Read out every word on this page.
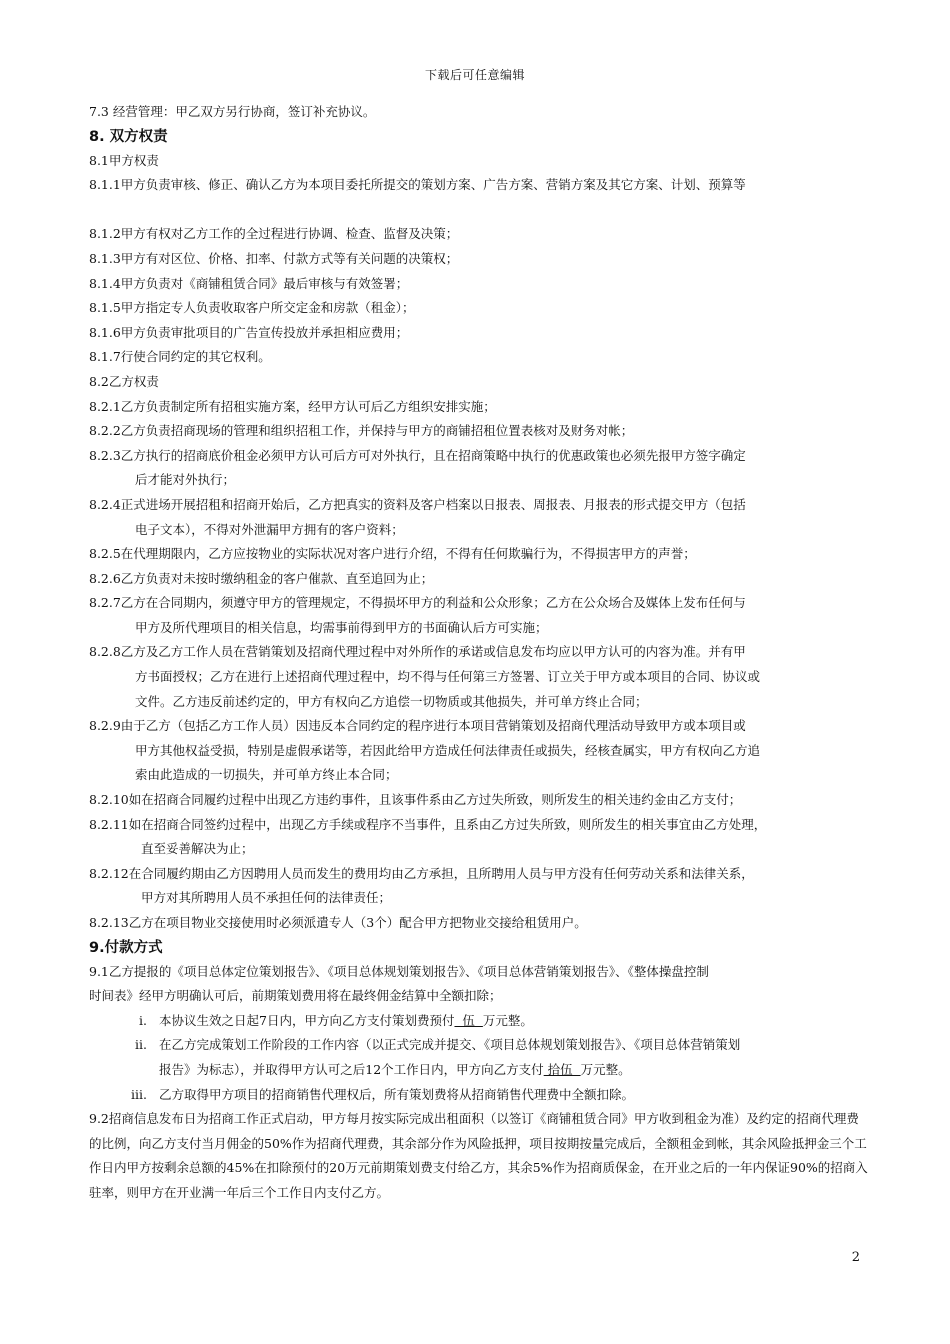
下载后可任意编辑
7.3 经营管理：甲乙双方另行协商，签订补充协议。
8. 双方权责
8.1甲方权责
8.1.1甲方负责审核、修正、确认乙方为本项目委托所提交的策划方案、广告方案、营销方案及其它方案、计划、预算等
8.1.2甲方有权对乙方工作的全过程进行协调、检查、监督及决策；
8.1.3甲方有对区位、价格、扣率、付款方式等有关问题的决策权；
8.1.4甲方负责对《商铺租赁合同》最后审核与有效签署；
8.1.5甲方指定专人负责收取客户所交定金和房款（租金）；
8.1.6甲方负责审批项目的广告宣传投放并承担相应费用；
8.1.7行使合同约定的其它权利。
8.2乙方权责
8.2.1乙方负责制定所有招租实施方案，经甲方认可后乙方组织安排实施；
8.2.2乙方负责招商现场的管理和组织招租工作，并保持与甲方的商铺招租位置表核对及财务对帐；
8.2.3乙方执行的招商底价租金必须甲方认可后方可对外执行，且在招商策略中执行的优惠政策也必须先报甲方签字确定
后才能对外执行；
8.2.4正式进场开展招租和招商开始后，乙方把真实的资料及客户档案以日报表、周报表、月报表的形式提交甲方（包括
电子文本），不得对外泄漏甲方拥有的客户资料；
8.2.5在代理期限内，乙方应按物业的实际状况对客户进行介绍，不得有任何欺骗行为，不得损害甲方的声誉；
8.2.6乙方负责对未按时缴纳租金的客户催款、直至追回为止；
8.2.7乙方在合同期内，须遵守甲方的管理规定，不得损坏甲方的利益和公众形象；乙方在公众场合及媒体上发布任何与
甲方及所代理项目的相关信息，均需事前得到甲方的书面确认后方可实施；
8.2.8乙方及乙方工作人员在营销策划及招商代理过程中对外所作的承诺或信息发布均应以甲方认可的内容为准。并有甲
方书面授权；乙方在进行上述招商代理过程中，均不得与任何第三方签署、订立关于甲方或本项目的合同、协议或
文件。乙方违反前述约定的，甲方有权向乙方追偿一切物质或其他损失，并可单方终止合同；
8.2.9由于乙方（包括乙方工作人员）因违反本合同约定的程序进行本项目营销策划及招商代理活动导致甲方或本项目或
甲方其他权益受损，特别是虚假承诺等，若因此给甲方造成任何法律责任或损失，经核查属实，甲方有权向乙方追
索由此造成的一切损失，并可单方终止本合同；
8.2.10如在招商合同履约过程中出现乙方违约事件，且该事件系由乙方过失所致，则所发生的相关违约金由乙方支付；
8.2.11如在招商合同签约过程中，出现乙方手续或程序不当事件，且系由乙方过失所致，则所发生的相关事宜由乙方处理，
直至妥善解决为止；
8.2.12在合同履约期由乙方因聘用人员而发生的费用均由乙方承担，且所聘用人员与甲方没有任何劳动关系和法律关系，
甲方对其所聘用人员不承担任何的法律责任；
8.2.13乙方在项目物业交接使用时必须派遣专人（3个）配合甲方把物业交接给租赁用户。
9.付款方式
9.1乙方提报的《项目总体定位策划报告》、《项目总体规划策划报告》、《项目总体营销策划报告》、《整体操盘控制
时间表》经甲方明确认可后，前期策划费用将在最终佣金结算中全额扣除；
i. 本协议生效之日起7日内，甲方向乙方支付策划费预付  伍  万元整。
ii. 在乙方完成策划工作阶段的工作内容（以正式完成并提交、《项目总体规划策划报告》、《项目总体营销策划
报告》为标志），并取得甲方认可之后12个工作日内，甲方向乙方支付 拾伍  万元整。
iii. 乙方取得甲方项目的招商销售代理权后，所有策划费将从招商销售代理费中全额扣除。
9.2招商信息发布日为招商工作正式启动，甲方每月按实际完成出租面积（以签订《商铺租赁合同》甲方收到租金为准）及约定的招商代理费的比例，向乙方支付当月佣金的50%作为招商代理费，其余部分作为风险抵押，项目按期按量完成后，全额租金到帐，其余风险抵押金三个工作日内甲方按剩余总额的45%在扣除预付的20万元前期策划费支付给乙方，其余5%作为招商质保金，在开业之后的一年内保证90%的招商入驻率，则甲方在开业满一年后三个工作日内支付乙方。
2
